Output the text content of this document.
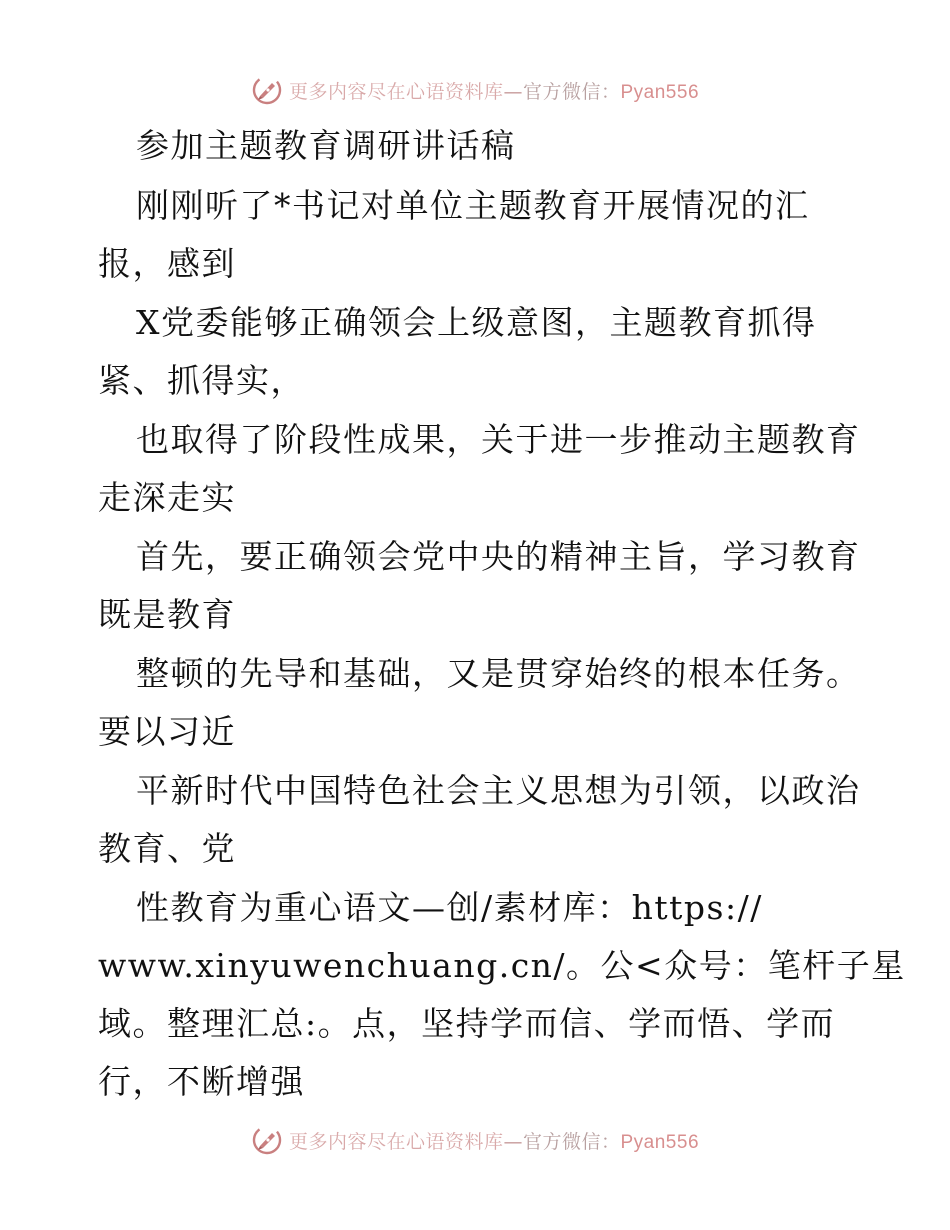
更多内容尽在心语资料库—官方微信：Pyan556
参加主题教育调研讲话稿
刚刚听了*书记对单位主题教育开展情况的汇
报，感到
X党委能够正确领会上级意图，主题教育抓得
紧、抓得实，
也取得了阶段性成果，关于进一步推动主题教育
走深走实
首先，要正确领会党中央的精神主旨，学习教育
既是教育
整顿的先导和基础，又是贯穿始终的根本任务。
要以习近
平新时代中国特色社会主义思想为引领，以政治
教育、党
性教育为重心语文—创/素材库：https://
www.xinyuwenchuang.cn/。公<众号：笔杆子星
域。整理汇总:。点，坚持学而信、学而悟、学而
行，不断增强
更多内容尽在心语资料库—官方微信：Pyan556
